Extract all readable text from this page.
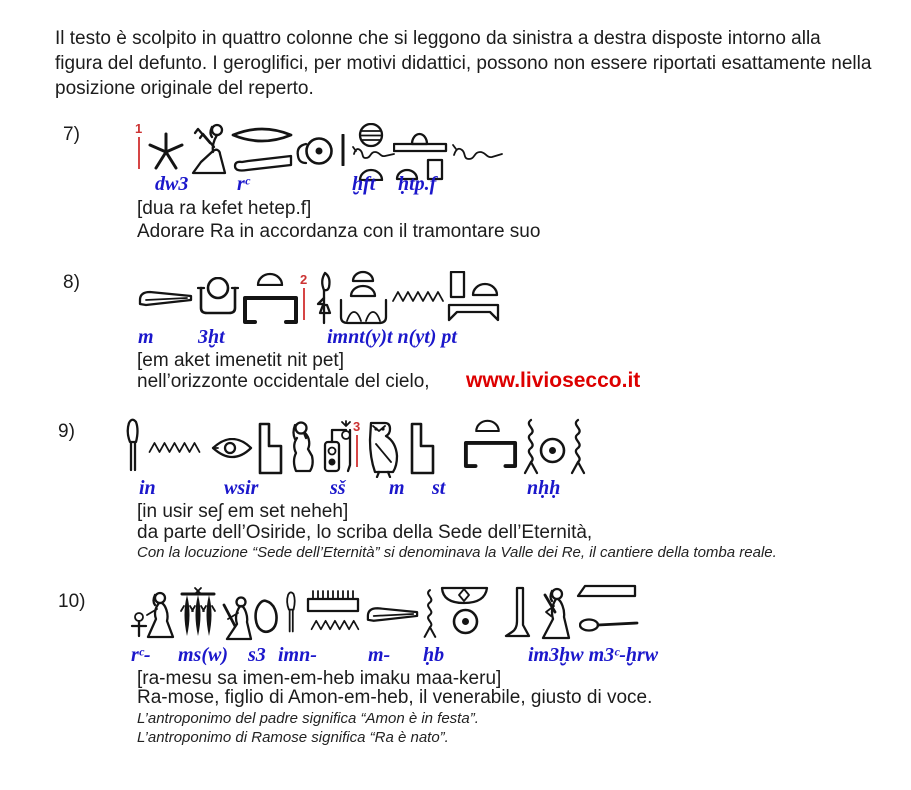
Il testo è scolpito in quattro colonne che si leggono da sinistra a destra disposte intorno alla figura del defunto. I geroglifici, per motivi didattici, possono non essere riportati esattamente nella posizione originale del reperto.

7)	1
dw3 rᶜ	ḫft ḥtp.f
[dua ra kefet hetep.f]
Adorare Ra in accordanza con il tramontare suo
8)	2
m 3ḫt	imnt(y)t n(yt) pt
[em aket imenetit nit pet]
nell’orizzonte occidentale del cielo, www.liviosecco.it
9)	3
in	wsir	sš m st	nḥḥ
[in usir seʃ em set neheh]
da parte dell’Osiride, lo scriba della Sede dell’Eternità,
Con la locuzione “Sede dell’Eternità” si denominava la Valle dei Re, il cantiere della tomba reale.
10)
rᶜ- ms(w) s3 imn-	m- ḥb	im3ḫw m3ᶜ-ḫrw
[ra-mesu sa imen-em-heb imaku maa-keru]
Ra-mose, figlio di Amon-em-heb, il venerabile, giusto di voce.
L’antroponimo del padre significa “Amon è in festa”.
L’antroponimo di Ramose significa “Ra è nato”.
